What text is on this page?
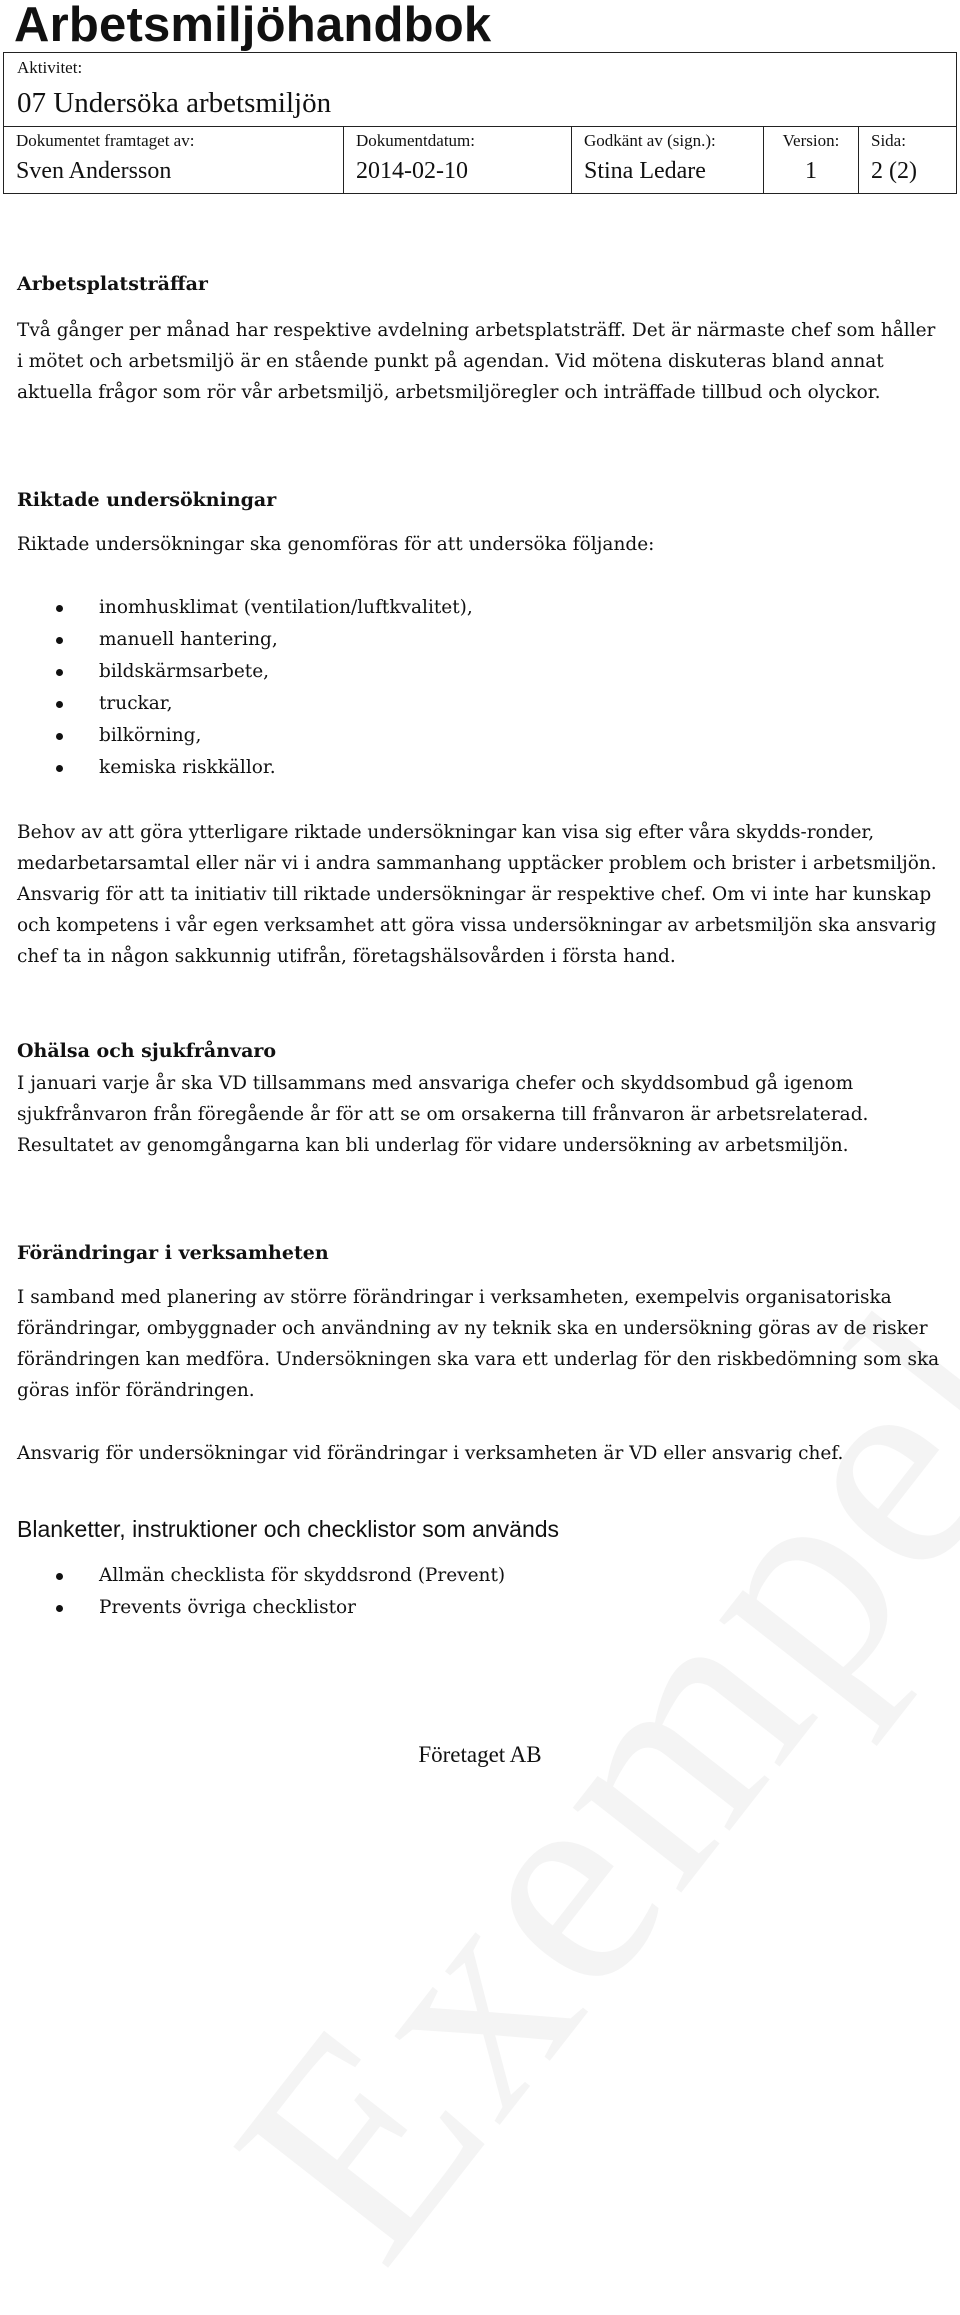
Arbetsmiljöhandbok
Aktivitet:
07 Undersöka arbetsmiljön
Dokumentet framtaget av:
Sven Andersson
Dokumentdatum:
2014-02-10
Godkänt av (sign.):
Stina Ledare
Version:
1
Sida:
2 (2)
Arbetsplatsträffar

Två gånger per månad har respektive avdelning arbetsplatsträff. Det är närmaste chef som håller i mötet och arbetsmiljö är en stående punkt på agendan. Vid mötena diskuteras bland annat aktuella frågor som rör vår arbetsmiljö, arbetsmiljöregler och inträffade tillbud och olyckor.

Riktade undersökningar

Riktade undersökningar ska genomföras för att undersöka följande:

inomhusklimat (ventilation/luftkvalitet),
manuell hantering,
bildskärmsarbete,
truckar,
bilkörning,
kemiska riskkällor.

Behov av att göra ytterligare riktade undersökningar kan visa sig efter våra skydds-ronder, medarbetarsamtal eller när vi i andra sammanhang upptäcker problem och brister i arbetsmiljön. Ansvarig för att ta initiativ till riktade undersökningar är respektive chef. Om vi inte har kunskap och kompetens i vår egen verksamhet att göra vissa undersökningar av arbetsmiljön ska ansvarig chef ta in någon sakkunnig utifrån, företagshälsovården i första hand.

Ohälsa och sjukfrånvaro

I januari varje år ska VD tillsammans med ansvariga chefer och skyddsombud gå igenom sjukfrånvaron från föregående år för att se om orsakerna till frånvaron är arbetsrelaterad. Resultatet av genomgångarna kan bli underlag för vidare undersökning av arbetsmiljön.

Förändringar i verksamheten

I samband med planering av större förändringar i verksamheten, exempelvis organisatoriska förändringar, ombyggnader och användning av ny teknik ska en undersökning göras av de risker förändringen kan medföra. Undersökningen ska vara ett underlag för den riskbedömning som ska göras inför förändringen.

Ansvarig för undersökningar vid förändringar i verksamheten är VD eller ansvarig chef.

Blanketter, instruktioner och checklistor som används
Allmän checklista för skyddsrond (Prevent)
Prevents övriga checklistor
Företaget AB
